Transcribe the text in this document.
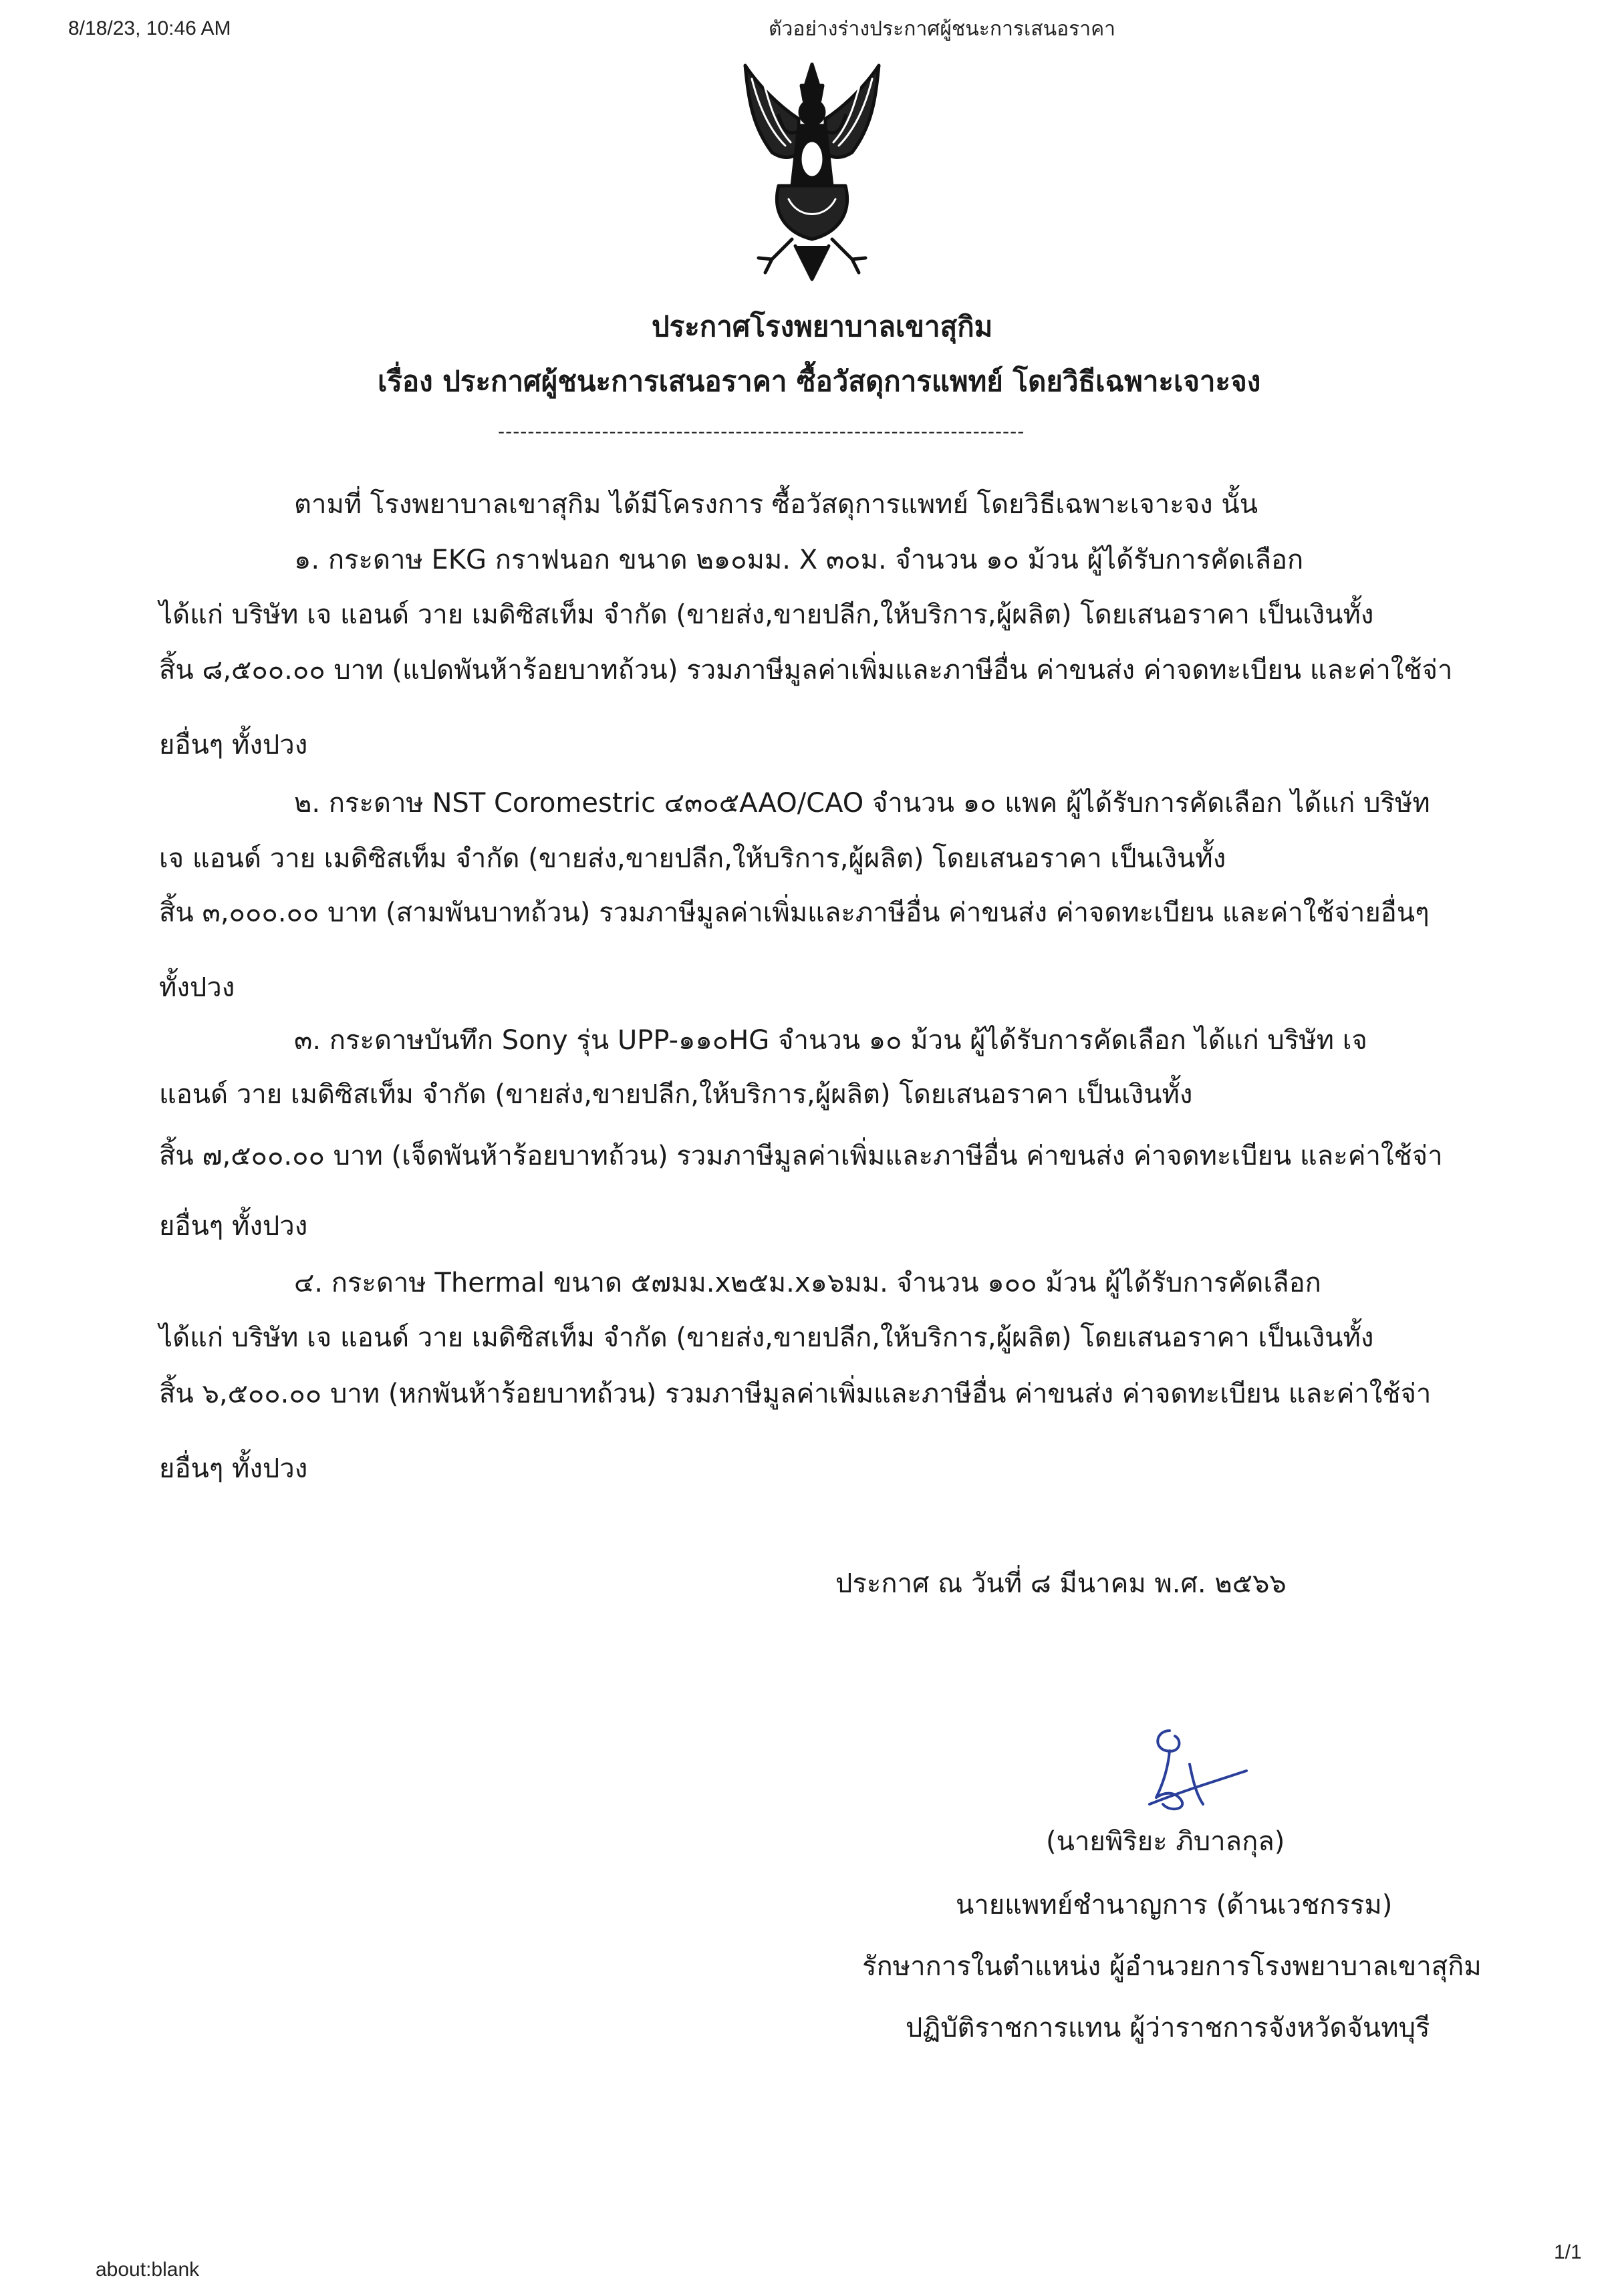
8/18/23, 10:46 AM	ตัวอย่างร่างประกาศผู้ชนะการเสนอราคา
ประกาศโรงพยาบาลเขาสุกิม
เรื่อง ประกาศผู้ชนะการเสนอราคา ซื้อวัสดุการแพทย์ โดยวิธีเฉพาะเจาะจง
-----------------------------------------------------------------------
ตามที่ โรงพยาบาลเขาสุกิม ได้มีโครงการ ซื้อวัสดุการแพทย์ โดยวิธีเฉพาะเจาะจง นั้น
๑. กระดาษ EKG กราฟนอก ขนาด ๒๑๐มม. X ๓๐ม. จำนวน ๑๐ ม้วน ผู้ได้รับการคัดเลือก
ได้แก่ บริษัท เจ แอนด์ วาย เมดิซิสเท็ม จำกัด (ขายส่ง,ขายปลีก,ให้บริการ,ผู้ผลิต) โดยเสนอราคา เป็นเงินทั้ง
สิ้น ๘,๕๐๐.๐๐ บาท (แปดพันห้าร้อยบาทถ้วน) รวมภาษีมูลค่าเพิ่มและภาษีอื่น ค่าขนส่ง ค่าจดทะเบียน และค่าใช้จ่า
ยอื่นๆ ทั้งปวง
๒. กระดาษ NST Coromestric ๔๓๐๕AAO/CAO จำนวน ๑๐ แพค ผู้ได้รับการคัดเลือก ได้แก่ บริษัท
เจ แอนด์ วาย เมดิซิสเท็ม จำกัด (ขายส่ง,ขายปลีก,ให้บริการ,ผู้ผลิต) โดยเสนอราคา เป็นเงินทั้ง
สิ้น ๓,๐๐๐.๐๐ บาท (สามพันบาทถ้วน) รวมภาษีมูลค่าเพิ่มและภาษีอื่น ค่าขนส่ง ค่าจดทะเบียน และค่าใช้จ่ายอื่นๆ
ทั้งปวง
๓. กระดาษบันทึก Sony รุ่น UPP-๑๑๐HG จำนวน ๑๐ ม้วน ผู้ได้รับการคัดเลือก ได้แก่ บริษัท เจ
แอนด์ วาย เมดิซิสเท็ม จำกัด (ขายส่ง,ขายปลีก,ให้บริการ,ผู้ผลิต) โดยเสนอราคา เป็นเงินทั้ง
สิ้น ๗,๕๐๐.๐๐ บาท (เจ็ดพันห้าร้อยบาทถ้วน) รวมภาษีมูลค่าเพิ่มและภาษีอื่น ค่าขนส่ง ค่าจดทะเบียน และค่าใช้จ่า
ยอื่นๆ ทั้งปวง
๔. กระดาษ Thermal ขนาด ๕๗มม.x๒๕ม.x๑๖มม. จำนวน ๑๐๐ ม้วน ผู้ได้รับการคัดเลือก
ได้แก่ บริษัท เจ แอนด์ วาย เมดิซิสเท็ม จำกัด (ขายส่ง,ขายปลีก,ให้บริการ,ผู้ผลิต) โดยเสนอราคา เป็นเงินทั้ง
สิ้น ๖,๕๐๐.๐๐ บาท (หกพันห้าร้อยบาทถ้วน) รวมภาษีมูลค่าเพิ่มและภาษีอื่น ค่าขนส่ง ค่าจดทะเบียน และค่าใช้จ่า
ยอื่นๆ ทั้งปวง
ประกาศ ณ วันที่ ๘ มีนาคม พ.ศ. ๒๕๖๖
(นายพิริยะ ภิบาลกุล)
นายแพทย์ชำนาญการ (ด้านเวชกรรม)
รักษาการในตำแหน่ง ผู้อำนวยการโรงพยาบาลเขาสุกิม
ปฏิบัติราชการแทน ผู้ว่าราชการจังหวัดจันทบุรี
about:blank
1/1
